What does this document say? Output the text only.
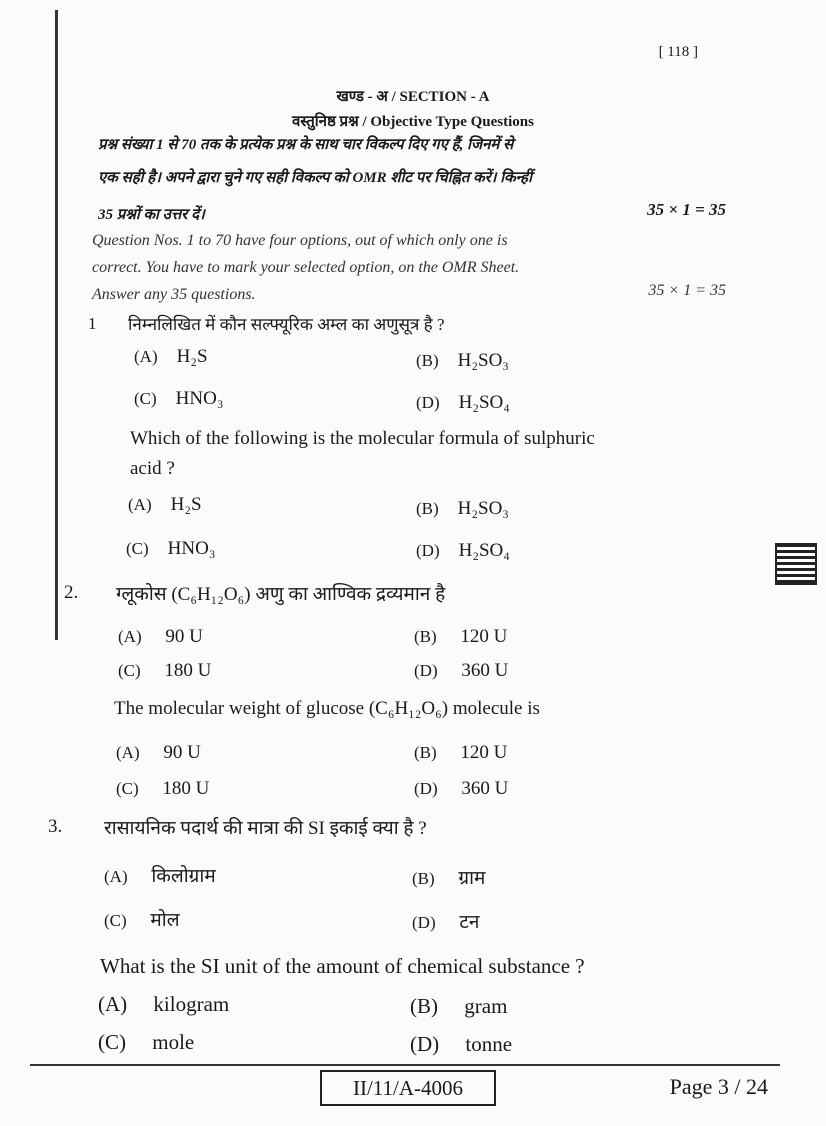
[ 118 ]
खण्ड - अ / SECTION - A
वस्तुनिष्ठ प्रश्न / Objective Type Questions
प्रश्न संख्या 1 से 70 तक के प्रत्येक प्रश्न के साथ चार विकल्प दिए गए हैं, जिनमें से
एक सही है। अपने द्वारा चुने गए सही विकल्प को OMR शीट पर चिह्नित करें। किन्हीं
35 प्रश्नों का उत्तर दें।	35 × 1 = 35
Question Nos. 1 to 70 have four options, out of which only one is
correct. You have to mark your selected option, on the OMR Sheet.
Answer any 35 questions.	35 × 1 = 35
1 निम्नलिखित में कौन सल्फ्यूरिक अम्ल का अणुसूत्र है ?
(A) H₂S	(B) H₂SO₃
(C) HNO₃	(D) H₂SO₄
Which of the following is the molecular formula of sulphuric
acid ?
(A) H₂S	(B) H₂SO₃
(C) HNO₃	(D) H₂SO₄
2. ग्लूकोस (C₆H₁₂O₆) अणु का आण्विक द्रव्यमान है
(A) 90 U	(B) 120 U
(C) 180 U	(D) 360 U
The molecular weight of glucose (C₆H₁₂O₆) molecule is
(A) 90 U	(B) 120 U
(C) 180 U	(D) 360 U
3. रासायनिक पदार्थ की मात्रा की SI इकाई क्या है ?
(A) किलोग्राम	(B) ग्राम
(C) मोल	(D) टन
What is the SI unit of the amount of chemical substance ?
(A) kilogram	(B) gram
(C) mole	(D) tonne
II/11/A-4006	Page 3 / 24
